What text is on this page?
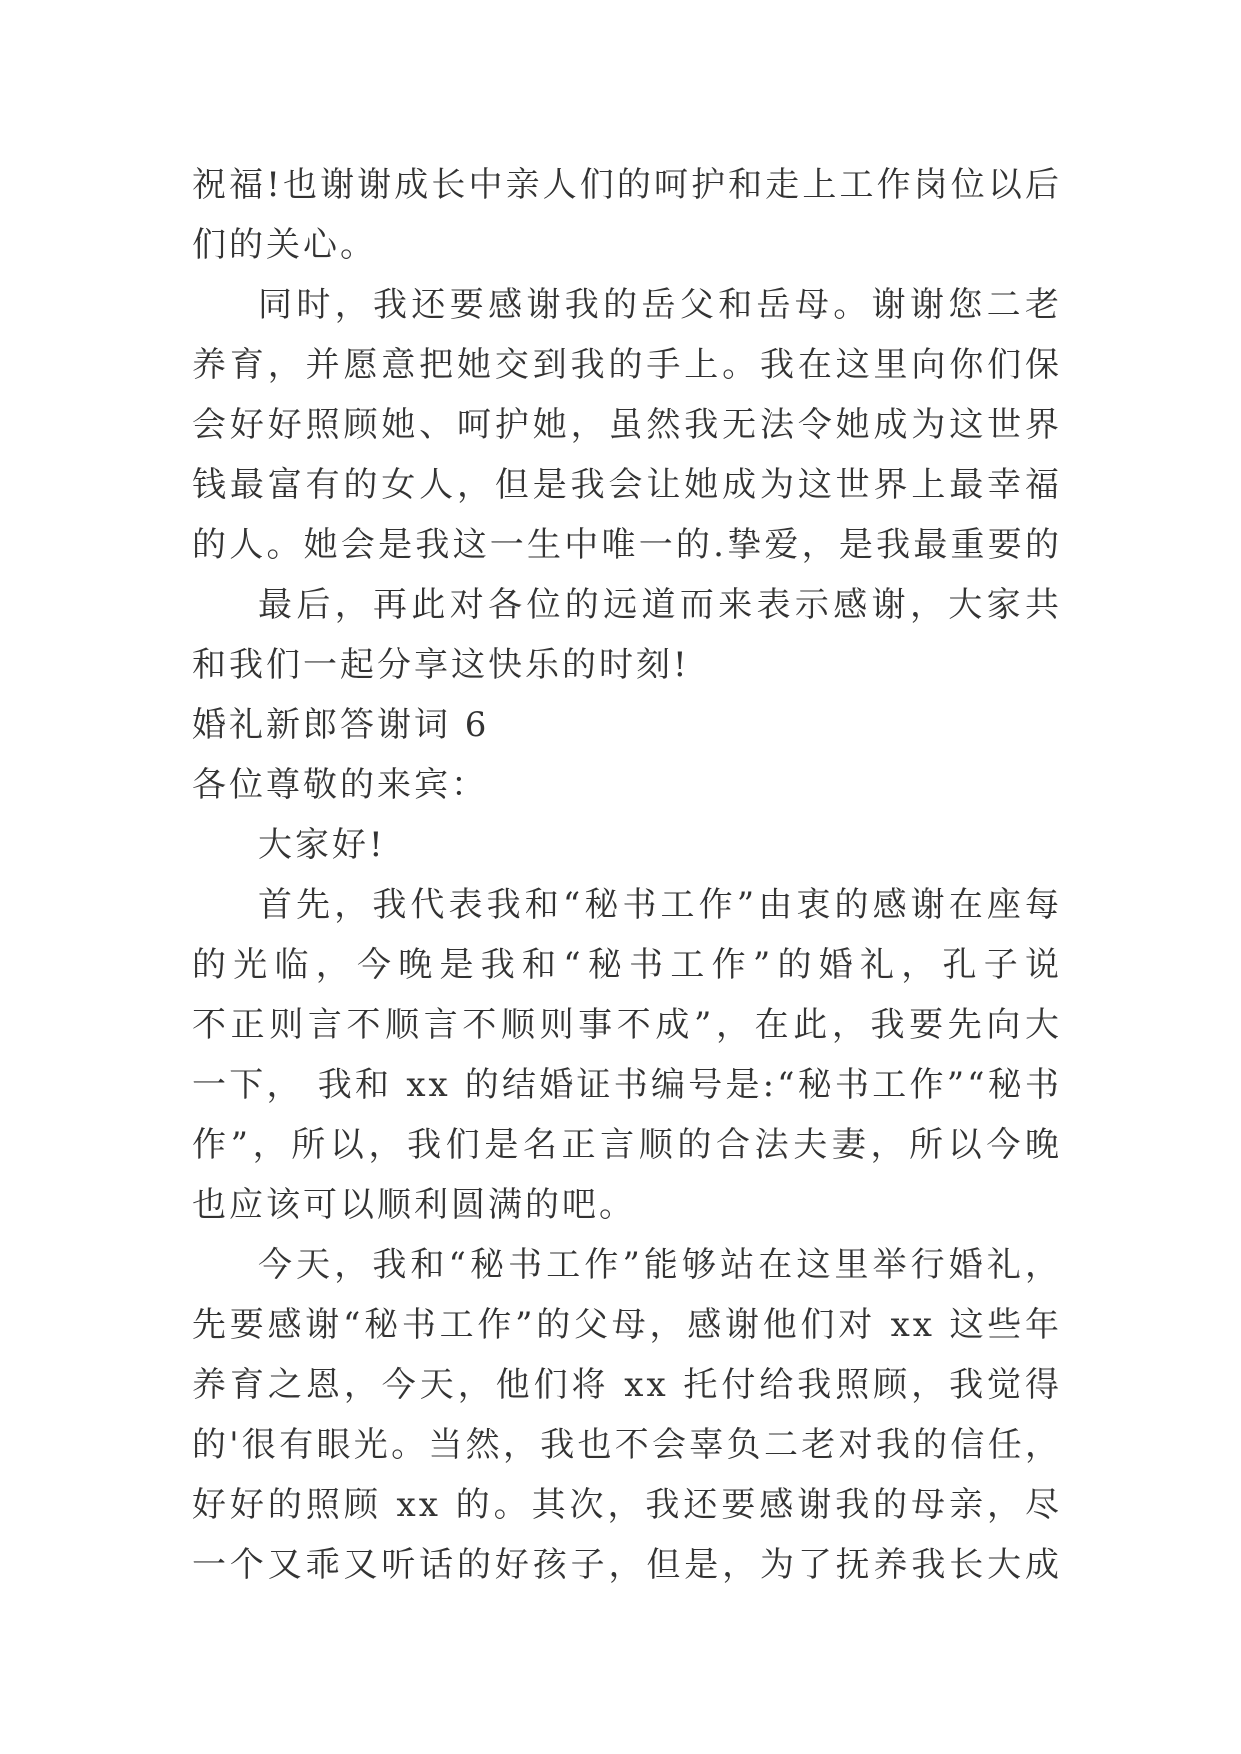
祝福!也谢谢成长中亲人们的呵护和走上工作岗位以后
们的关心。
同时，我还要感谢我的岳父和岳母。谢谢您二老
养育，并愿意把她交到我的手上。我在这里向你们保
会好好照顾她、呵护她，虽然我无法令她成为这世界
钱最富有的女人，但是我会让她成为这世界上最幸福
的人。她会是我这一生中唯一的.挚爱，是我最重要的
最后，再此对各位的远道而来表示感谢，大家共
和我们一起分享这快乐的时刻!
婚礼新郎答谢词 6
各位尊敬的来宾：
大家好!
首先，我代表我和“秘书工作”由衷的感谢在座每
的光临，今晚是我和“秘书工作”的婚礼，孔子说
不正则言不顺言不顺则事不成”，在此，我要先向大
一下， 我和 xx 的结婚证书编号是:“秘书工作”“秘书
作”，所以，我们是名正言顺的合法夫妻，所以今晚
也应该可以顺利圆满的吧。
今天，我和“秘书工作”能够站在这里举行婚礼，
先要感谢“秘书工作”的父母，感谢他们对 xx 这些年
养育之恩，今天，他们将 xx 托付给我照顾，我觉得
的'很有眼光。当然，我也不会辜负二老对我的信任，
好好的照顾 xx 的。其次，我还要感谢我的母亲，尽
一个又乖又听话的好孩子，但是，为了抚养我长大成
